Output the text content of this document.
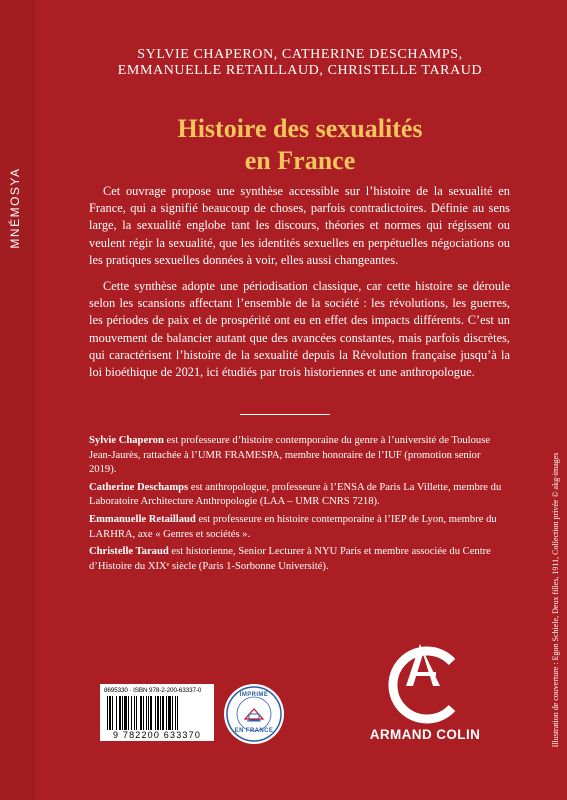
MNÉMOSYA
SYLVIE CHAPERON, CATHERINE DESCHAMPS,
EMMANUELLE RETAILLAUD, CHRISTELLE TARAUD
Histoire des sexualités
en France

Cet ouvrage propose une synthèse accessible sur l’histoire de la sexualité en France, qui a signifié beaucoup de choses, parfois contradictoires. Définie au sens large, la sexualité englobe tant les discours, théories et normes qui régissent ou veulent régir la sexualité, que les identités sexuelles en perpétuelles négociations ou les pratiques sexuelles données à voir, elles aussi changeantes.

Cette synthèse adopte une périodisation classique, car cette histoire se déroule selon les scansions affectant l’ensemble de la société : les révolutions, les guerres, les périodes de paix et de prospérité ont eu en effet des impacts différents. C’est un mouvement de balancier autant que des avancées constantes, mais parfois discrètes, qui caractérisent l’histoire de la sexualité depuis la Révolution française jusqu’à la loi bioéthique de 2021, ici étudiés par trois historiennes et une anthropologue.

Sylvie Chaperon est professeure d’histoire contemporaine du genre à l’université de Toulouse Jean-Jaurès, rattachée à l’UMR FRAMESPA, membre honoraire de l’IUF (promotion senior 2019).

Catherine Deschamps est anthropologue, professeure à l’ENSA de Paris La Villette, membre du Laboratoire Architecture Anthropologie (LAA – UMR CNRS 7218).

Emmanuelle Retaillaud est professeure en histoire contemporaine à l’IEP de Lyon, membre du LARHRA, axe « Genres et sociétés ».

Christelle Taraud est historienne, Senior Lecturer à NYU Paris et membre associée du Centre d’Histoire du XIXᵉ siècle (Paris 1-Sorbonne Université).	Illustration de couverture : Egon Schiele, Deux filles, 1911, Collection privée © akg-images
8695330 · ISBN 978-2-200-63337-0
9 782200 633370
IMPRIMÉ
EN FRANCE	ARMAND COLIN
